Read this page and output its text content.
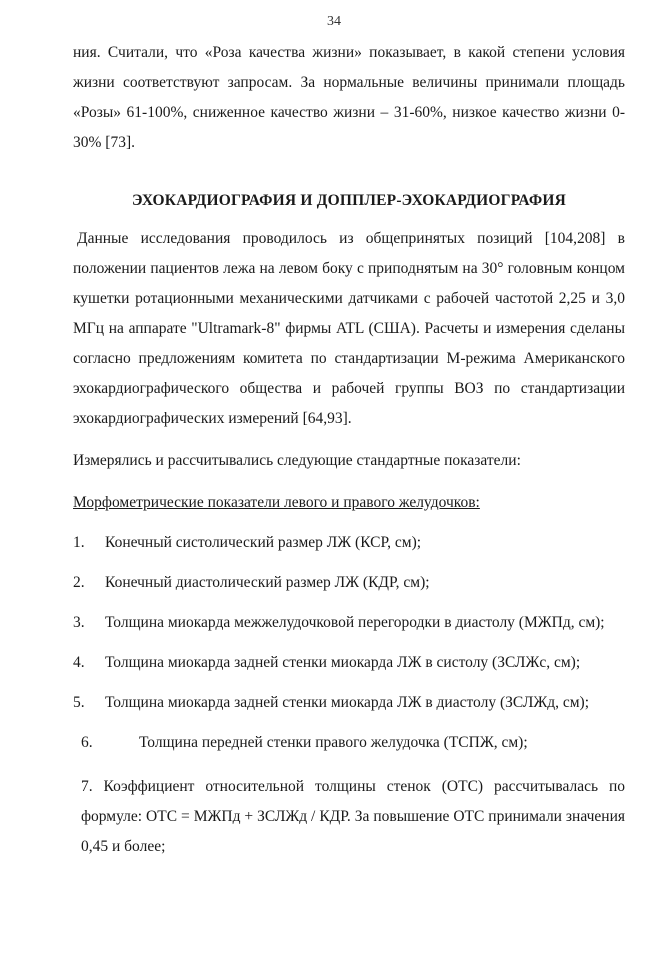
34

ния. Считали, что «Роза качества жизни» показывает, в какой степени условия жизни соответствуют запросам. За нормальные величины принимали площадь «Розы» 61-100%, сниженное качество жизни – 31-60%, низкое качество жизни 0-30% [73].

ЭХОКАРДИОГРАФИЯ И ДОППЛЕР-ЭХОКАРДИОГРАФИЯ

Данные исследования проводилось из общепринятых позиций [104,208] в положении пациентов лежа на левом боку с приподнятым на 30° головным концом кушетки ротационными механическими датчиками с рабочей частотой 2,25 и 3,0 МГц на аппарате "Ultramark-8" фирмы ATL (США). Расчеты и измерения сделаны согласно предложениям комитета по стандартизации М-режима Американского эхокардиографического общества и рабочей группы ВОЗ по стандартизации эхокардиографических измерений [64,93].

Измерялись и рассчитывались следующие стандартные показатели:

Морфометрические показатели левого и правого желудочков:

1. Конечный систолический размер ЛЖ (КСР, см);

2. Конечный диастолический размер ЛЖ (КДР, см);

3. Толщина миокарда межжелудочковой перегородки в диастолу (МЖПд, см);

4. Толщина миокарда задней стенки миокарда ЛЖ в систолу (ЗСЛЖс, см);

5. Толщина миокарда задней стенки миокарда ЛЖ в диастолу (ЗСЛЖд, см);

6.	Толщина передней стенки правого желудочка (ТСПЖ, см);

7. Коэффициент относительной толщины стенок (ОТС) рассчитывалась по формуле: ОТС = МЖПд + ЗСЛЖд / КДР. За повышение ОТС принимали значения 0,45 и более;
